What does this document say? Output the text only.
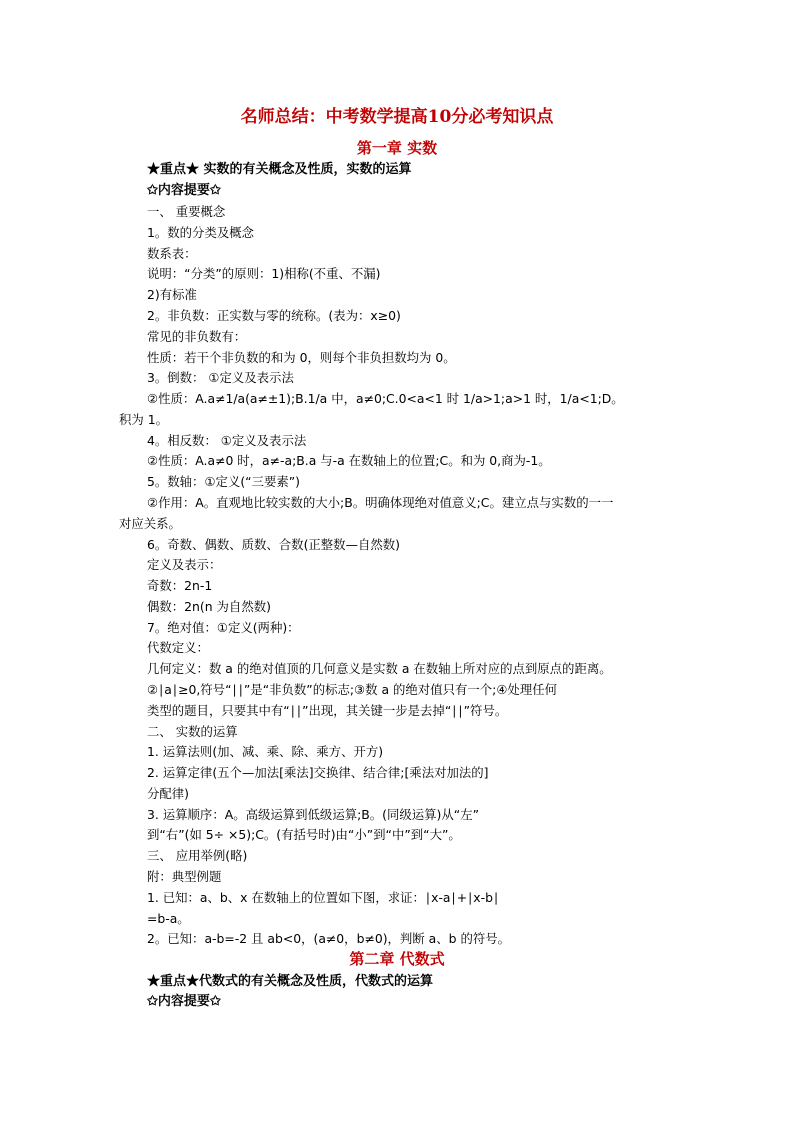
名师总结：中考数学提高10分必考知识点
第一章 实数
★重点★ 实数的有关概念及性质，实数的运算
✩内容提要✩
一、 重要概念
1。数的分类及概念
数系表：
说明：“分类”的原则：1)相称(不重、不漏)
2)有标准
2。非负数：正实数与零的统称。(表为：x≥0)
常见的非负数有：
性质：若干个非负数的和为 0，则每个非负担数均为 0。
3。倒数： ①定义及表示法
②性质：A.a≠1/a(a≠±1);B.1/a 中，a≠0;C.0<a<1 时 1/a>1;a>1 时，1/a<1;D。
积为 1。
4。相反数： ①定义及表示法
②性质：A.a≠0 时，a≠-a;B.a 与-a 在数轴上的位置;C。和为 0,商为-1。
5。数轴：①定义(“三要素”)
②作用：A。直观地比较实数的大小;B。明确体现绝对值意义;C。建立点与实数的一一
对应关系。
6。奇数、偶数、质数、合数(正整数—自然数)
定义及表示：
奇数：2n-1
偶数：2n(n 为自然数)
7。绝对值：①定义(两种)：
代数定义：
几何定义：数 a 的绝对值顶的几何意义是实数 a 在数轴上所对应的点到原点的距离。
②∣a∣≥0,符号“∣∣”是“非负数”的标志;③数 a 的绝对值只有一个;④处理任何
类型的题目，只要其中有“∣∣”出现，其关键一步是去掉“∣∣”符号。
二、 实数的运算
1. 运算法则(加、减、乘、除、乘方、开方)
2. 运算定律(五个—加法[乘法]交换律、结合律;[乘法对加法的]
分配律)
3. 运算顺序：A。高级运算到低级运算;B。(同级运算)从“左”
到“右”(如 5÷ ×5);C。(有括号时)由“小”到“中”到“大”。
三、 应用举例(略)
附：典型例题
1. 已知：a、b、x 在数轴上的位置如下图，求证：∣x-a∣+∣x-b∣
=b-a。
2。已知：a-b=-2 且 ab<0，(a≠0，b≠0)，判断 a、b 的符号。
第二章 代数式
★重点★代数式的有关概念及性质，代数式的运算
✩内容提要✩
